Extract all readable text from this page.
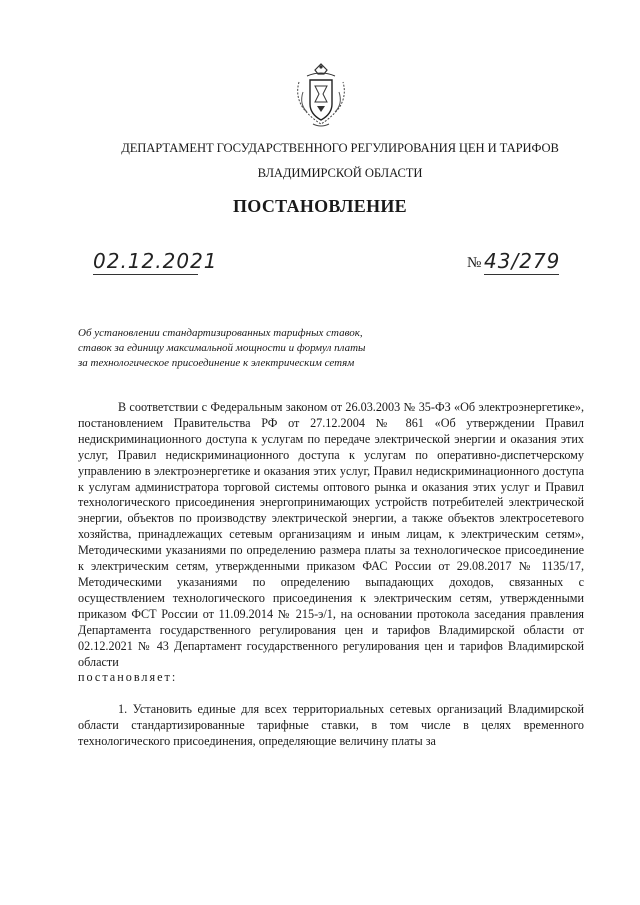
ДЕПАРТАМЕНТ ГОСУДАРСТВЕННОГО РЕГУЛИРОВАНИЯ ЦЕН И ТАРИФОВ
ВЛАДИМИРСКОЙ ОБЛАСТИ
ПОСТАНОВЛЕНИЕ
02.12.2021	№ 43/279
Об установлении стандартизированных тарифных ставок, ставок за единицу максимальной мощности и формул платы за технологическое присоединение к электрическим сетям

В соответствии с Федеральным законом от 26.03.2003 № 35-ФЗ «Об электроэнергетике», постановлением Правительства РФ от 27.12.2004 № 861 «Об утверждении Правил недискриминационного доступа к услугам по передаче электрической энергии и оказания этих услуг, Правил недискриминационного доступа к услугам по оперативно-диспетчерскому управлению в электроэнергетике и оказания этих услуг, Правил недискриминационного доступа к услугам администратора торговой системы оптового рынка и оказания этих услуг и Правил технологического присоединения энергопринимающих устройств потребителей электрической энергии, объектов по производству электрической энергии, а также объектов электросетевого хозяйства, принадлежащих сетевым организациям и иным лицам, к электрическим сетям», Методическими указаниями по определению размера платы за технологическое присоединение к электрическим сетям, утвержденными приказом ФАС России от 29.08.2017 № 1135/17, Методическими указаниями по определению выпадающих доходов, связанных с осуществлением технологического присоединения к электрическим сетям, утвержденными приказом ФСТ России от 11.09.2014 № 215-э/1, на основании протокола заседания правления Департамента государственного регулирования цен и тарифов Владимирской области от 02.12.2021 № 43 Департамент государственного регулирования цен и тарифов Владимирской области

постановляет:

1. Установить единые для всех территориальных сетевых организаций Владимирской области стандартизированные тарифные ставки, в том числе в целях временного технологического присоединения, определяющие величину платы за
